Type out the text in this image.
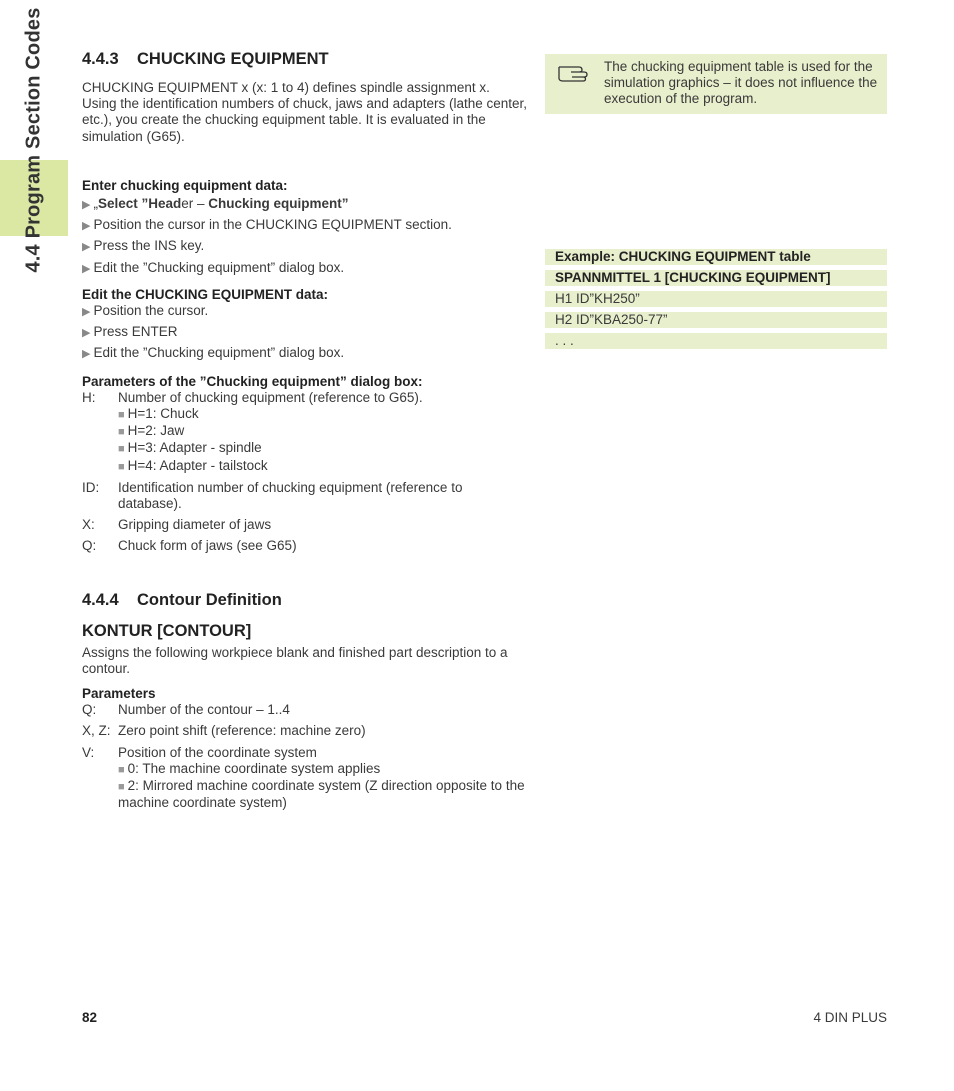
4.4 Program Section Codes 4.4.3 CHUCKING EQUIPMENT

CHUCKING EQUIPMENT x (x: 1 to 4) defines spindle assignment x. Using the identification numbers of chuck, jaws and adapters (lathe center, etc.), you create the chucking equipment table. It is evaluated in the simulation (G65).

Enter chucking equipment data:
▶ „Select ”Header – Chucking equipment”
▶ Position the cursor in the CHUCKING EQUIPMENT section.
▶ Press the INS key.
▶ Edit the ”Chucking equipment” dialog box.
Edit the CHUCKING EQUIPMENT data:
▶ Position the cursor.
▶ Press ENTER
▶ Edit the ”Chucking equipment” dialog box.
Parameters of the ”Chucking equipment” dialog box:
H:	Number of chucking equipment (reference to G65).
■ H=1: Chuck
■ H=2: Jaw
■ H=3: Adapter - spindle
■ H=4: Adapter - tailstock
ID:	Identification number of chucking equipment (reference to database).
X:	Gripping diameter of jaws
Q:	Chuck form of jaws (see G65)
4.4.4 Contour Definition
KONTUR [CONTOUR]

Assigns the following workpiece blank and finished part description to a contour.

Parameters
Q:	Number of the contour – 1..4
X, Z: Zero point shift (reference: machine zero)
V:	Position of the coordinate system
■ 0: The machine coordinate system applies
■ 2: Mirrored machine coordinate system (Z direction opposite to the machine coordinate system)
The chucking equipment table is used for the simulation graphics – it does not influence the execution of the program.
Example: CHUCKING EQUIPMENT table
SPANNMITTEL 1 [CHUCKING EQUIPMENT]
H1 ID”KH250”
H2 ID”KBA250-77”
. . .
82	4 DIN PLUS
